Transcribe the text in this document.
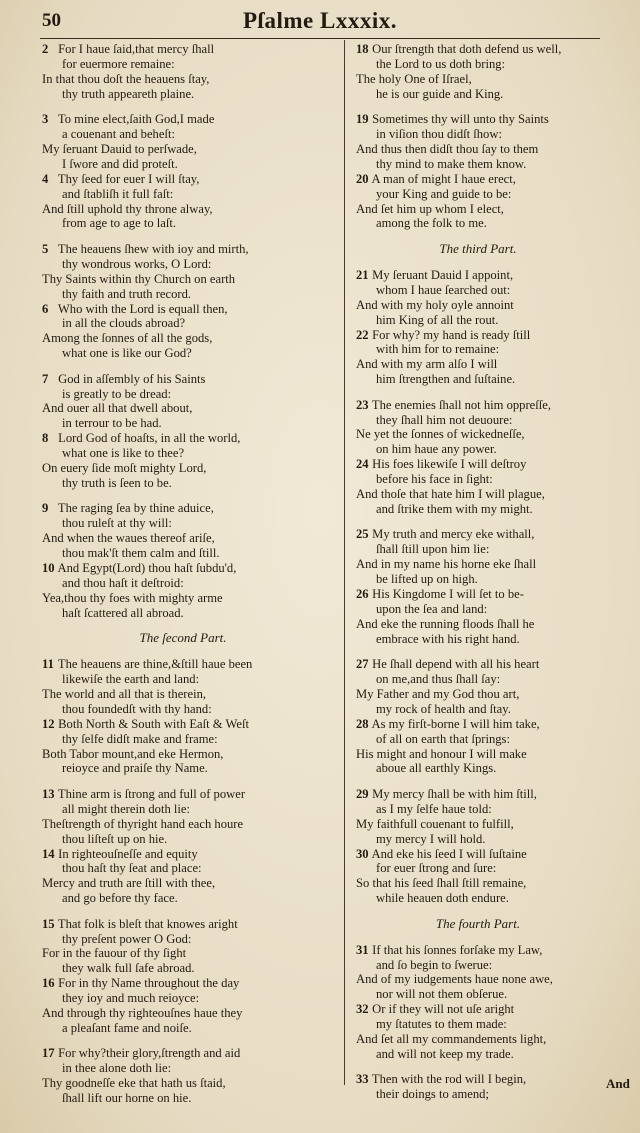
50	Pſalme Lxxxix.
2 For I haue ſaid,that mercy ſhall
for euermore remaine:
In that thou doſt the heauens ſtay,
thy truth appeareth plaine.
3 To mine elect,ſaith God,I made
a couenant and beheſt:
My ſeruant Dauid to perſwade,
I ſwore and did proteſt.
4 Thy ſeed for euer I will ſtay,
and ſtabliſh it full faſt:
And ſtill uphold thy throne alway,
from age to age to laſt.
5 The heauens ſhew with ioy and mirth,
thy wondrous works, O Lord:
Thy Saints within thy Church on earth
thy faith and truth record.
6 Who with the Lord is equall then,
in all the clouds abroad?
Among the ſonnes of all the gods,
what one is like our God?
7 God in aſſembly of his Saints
is greatly to be dread:
And ouer all that dwell about,
in terrour to be had.
8 Lord God of hoaſts, in all the world,
what one is like to thee?
On euery ſide moſt mighty Lord,
thy truth is ſeen to be.
9 The raging ſea by thine aduice,
thou ruleſt at thy will:
And when the waues thereof ariſe,
thou mak'ſt them calm and ſtill.
10 And Egypt(Lord) thou haſt ſubdu'd,
and thou haſt it deſtroid:
Yea,thou thy foes with mighty arme
haſt ſcattered all abroad.
The ſecond Part.
11 The heauens are thine,&ſtill haue been
likewiſe the earth and land:
The world and all that is therein,
thou foundedſt with thy hand:
12 Both North & South with Eaſt & Weſt
thy ſelfe didſt make and frame:
Both Tabor mount,and eke Hermon,
reioyce and praiſe thy Name.
13 Thine arm is ſtrong and full of power
all might therein doth lie:
Theſtrength of thyright hand each houre
thou liſteſt up on hie.
14 In righteouſneſſe and equity
thou haſt thy ſeat and place:
Mercy and truth are ſtill with thee,
and go before thy face.
15 That folk is bleſt that knowes aright
thy preſent power O God:
For in the fauour of thy ſight
they walk full ſafe abroad.
16 For in thy Name throughout the day
they ioy and much reioyce:
And through thy righteouſnes haue they
a pleaſant fame and noiſe.
17 For why?their glory,ſtrength and aid
in thee alone doth lie:
Thy goodneſſe eke that hath us ſtaid,
ſhall lift our horne on hie.
18 Our ſtrength that doth defend us well,
the Lord to us doth bring:
The holy One of Iſrael,
he is our guide and King.
19 Sometimes thy will unto thy Saints
in viſion thou didſt ſhow:
And thus then didſt thou ſay to them
thy mind to make them know.
20 A man of might I haue erect,
your King and guide to be:
And ſet him up whom I elect,
among the folk to me.
The third Part.
21 My ſeruant Dauid I appoint,
whom I haue ſearched out:
And with my holy oyle annoint
him King of all the rout.
22 For why? my hand is ready ſtill
with him for to remaine:
And with my arm alſo I will
him ſtrengthen and ſuſtaine.
23 The enemies ſhall not him oppreſſe,
they ſhall him not deuoure:
Ne yet the ſonnes of wickedneſſe,
on him haue any power.
24 His foes likewiſe I will deſtroy
before his face in ſight:
And thoſe that hate him I will plague,
and ſtrike them with my might.
25 My truth and mercy eke withall,
ſhall ſtill upon him lie:
And in my name his horne eke ſhall
be lifted up on high.
26 His Kingdome I will ſet to be-
upon the ſea and land:
And eke the running floods ſhall he
embrace with his right hand.
27 He ſhall depend with all his heart
on me,and thus ſhall ſay:
My Father and my God thou art,
my rock of health and ſtay.
28 As my firſt-borne I will him take,
of all on earth that ſprings:
His might and honour I will make
aboue all earthly Kings.
29 My mercy ſhall be with him ſtill,
as I my ſelfe haue told:
My faithfull couenant to fulfill,
my mercy I will hold.
30 And eke his ſeed I will ſuſtaine
for euer ſtrong and ſure:
So that his ſeed ſhall ſtill remaine,
while heauen doth endure.
The fourth Part.
31 If that his ſonnes forſake my Law,
and ſo begin to ſwerue:
And of my iudgements haue none awe,
nor will not them obſerue.
32 Or if they will not uſe aright
my ſtatutes to them made:
And ſet all my commandements light,
and will not keep my trade.
33 Then with the rod will I begin,
their doings to amend;
And
